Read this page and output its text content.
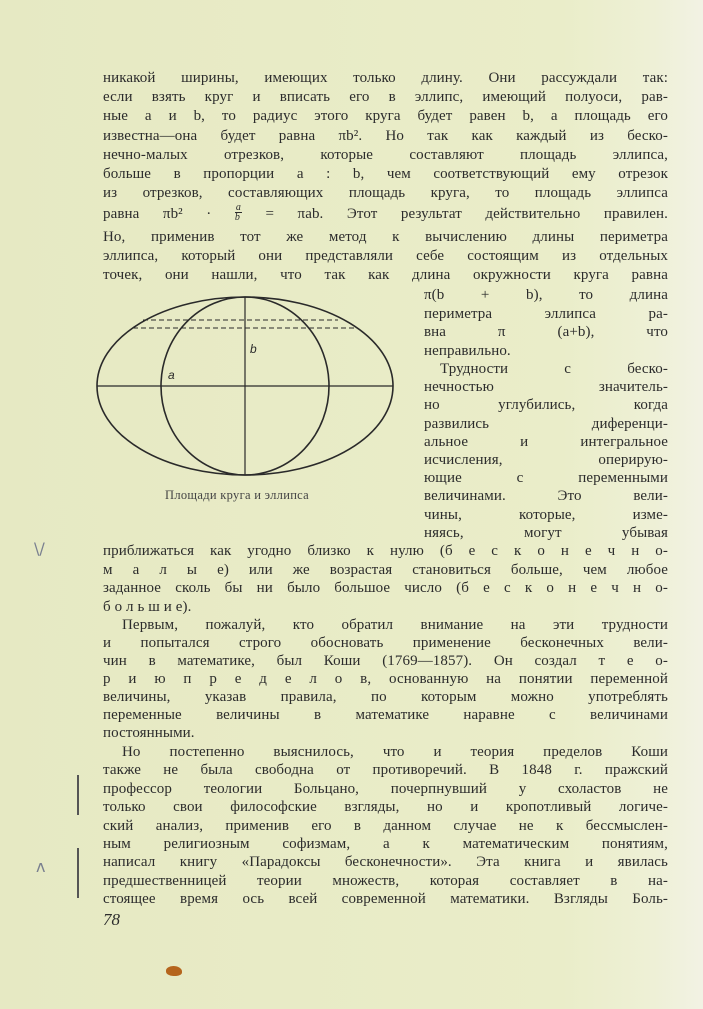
никакой ширины, имеющих только длину. Они рассуждали так:
если взять круг и вписать его в эллипс, имеющий полуоси, рав-
ные a и b, то радиус этого круга будет равен b, а площадь его
известна—она будет равна πb². Но так как каждый из беско-
нечно-малых отрезков, которые составляют площадь эллипса,
больше в пропорции a : b, чем соответствующий ему отрезок
из отрезков, составляющих площадь круга, то площадь эллипса
равна $\pi b^2 \cdot \frac{a}{b} = \pi ab$. Этот результат действительно правилен.
Но, применив тот же метод к вычислению длины периметра
эллипса, который они представляли себе состоящим из отдельных
точек, они нашли, что так как длина окружности круга равна
π(b + b), то длина
периметра эллипса ра-
вна π (a+b), что
неправильно.
Трудности с беско-
нечностью значитель-
но углубились, когда
развились диференци-
альное и интегральное
исчисления, оперирую-
ющие с переменными
величинами. Это вели-
чины, которые, изме-
няясь, могут убывая
b
a
Площади круга и эллипса
приближаться как угодно близко к нулю (б е с к о н е ч н о-
м а л ы е) или же возрастая становиться больше, чем любое
заданное сколь бы ни было большое число (б е с к о н е ч н о-
б о л ь ш и е).
Первым, пожалуй, кто обратил внимание на эти трудности
и попытался строго обосновать применение бесконечных вели-
чин в математике, был Коши (1769—1857). Он создал т е о-
р и ю п р е д е л о в, основанную на понятии переменной
величины, указав правила, по которым можно употреблять
переменные величины в математике наравне с величинами
постоянными.
Но постепенно выяснилось, что и теория пределов Коши
также не была свободна от противоречий. В 1848 г. пражский
профессор теологии Больцано, почерпнувший у схоластов не
только свои философские взгляды, но и кропотливый логиче-
ский анализ, применив его в данном случае не к бессмыслен-
ным религиозным софизмам, а к математическим понятиям,
написал книгу «Парадоксы бесконечности». Эта книга и явилась
предшественницей теории множеств, которая составляет в на-
стоящее время ось всей современной математики. Взгляды Боль-
78
\/
ʌ
